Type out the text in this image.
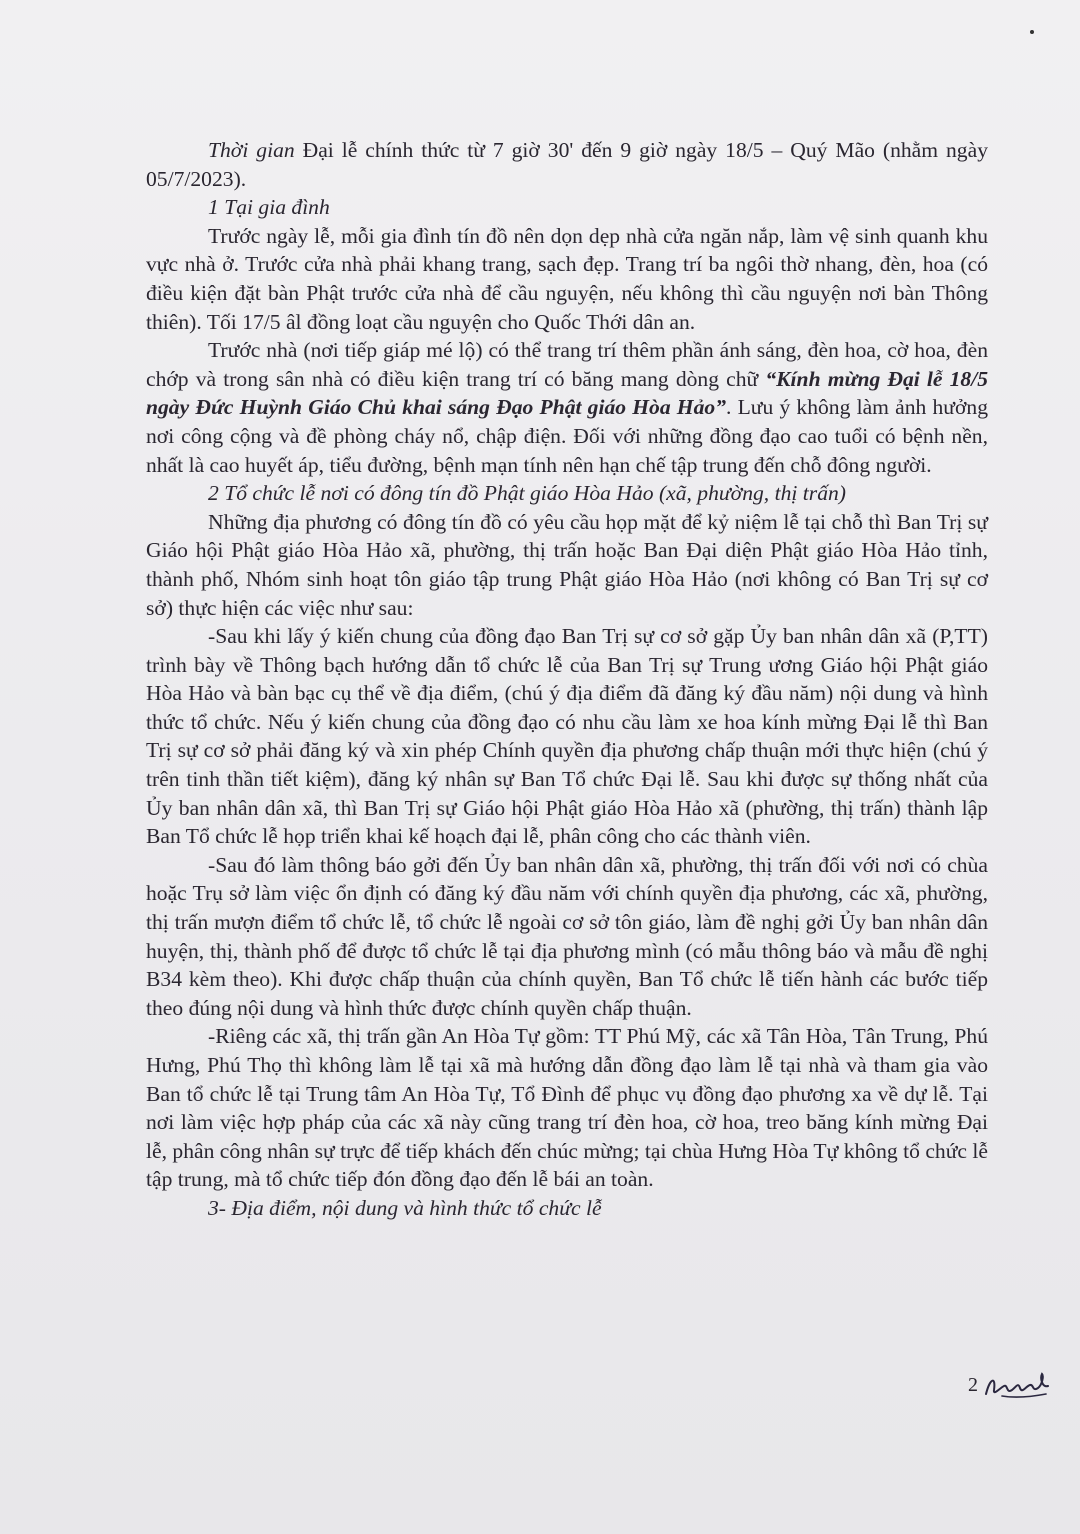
Thời gian Đại lễ chính thức từ 7 giờ 30' đến 9 giờ ngày 18/5 – Quý Mão (nhằm ngày 05/7/2023).

1 Tại gia đình

Trước ngày lễ, mỗi gia đình tín đồ nên dọn dẹp nhà cửa ngăn nắp, làm vệ sinh quanh khu vực nhà ở. Trước cửa nhà phải khang trang, sạch đẹp. Trang trí ba ngôi thờ nhang, đèn, hoa (có điều kiện đặt bàn Phật trước cửa nhà để cầu nguyện, nếu không thì cầu nguyện nơi bàn Thông thiên). Tối 17/5 âl đồng loạt cầu nguyện cho Quốc Thới dân an.

Trước nhà (nơi tiếp giáp mé lộ) có thể trang trí thêm phần ánh sáng, đèn hoa, cờ hoa, đèn chớp và trong sân nhà có điều kiện trang trí có băng mang dòng chữ “Kính mừng Đại lễ 18/5 ngày Đức Huỳnh Giáo Chủ khai sáng Đạo Phật giáo Hòa Hảo”. Lưu ý không làm ảnh hưởng nơi công cộng và đề phòng cháy nổ, chập điện. Đối với những đồng đạo cao tuổi có bệnh nền, nhất là cao huyết áp, tiểu đường, bệnh mạn tính nên hạn chế tập trung đến chỗ đông người.

2 Tổ chức lễ nơi có đông tín đồ Phật giáo Hòa Hảo (xã, phường, thị trấn)

Những địa phương có đông tín đồ có yêu cầu họp mặt để kỷ niệm lễ tại chỗ thì Ban Trị sự Giáo hội Phật giáo Hòa Hảo xã, phường, thị trấn hoặc Ban Đại diện Phật giáo Hòa Hảo tỉnh, thành phố, Nhóm sinh hoạt tôn giáo tập trung Phật giáo Hòa Hảo (nơi không có Ban Trị sự cơ sở) thực hiện các việc như sau:

-Sau khi lấy ý kiến chung của đồng đạo Ban Trị sự cơ sở gặp Ủy ban nhân dân xã (P,TT) trình bày về Thông bạch hướng dẫn tổ chức lễ của Ban Trị sự Trung ương Giáo hội Phật giáo Hòa Hảo và bàn bạc cụ thể về địa điểm, (chú ý địa điểm đã đăng ký đầu năm) nội dung và hình thức tổ chức. Nếu ý kiến chung của đồng đạo có nhu cầu làm xe hoa kính mừng Đại lễ thì Ban Trị sự cơ sở phải đăng ký và xin phép Chính quyền địa phương chấp thuận mới thực hiện (chú ý trên tinh thần tiết kiệm), đăng ký nhân sự Ban Tổ chức Đại lễ. Sau khi được sự thống nhất của Ủy ban nhân dân xã, thì Ban Trị sự Giáo hội Phật giáo Hòa Hảo xã (phường, thị trấn) thành lập Ban Tổ chức lễ họp triển khai kế hoạch đại lễ, phân công cho các thành viên.

-Sau đó làm thông báo gởi đến Ủy ban nhân dân xã, phường, thị trấn đối với nơi có chùa hoặc Trụ sở làm việc ổn định có đăng ký đầu năm với chính quyền địa phương, các xã, phường, thị trấn mượn điểm tổ chức lễ, tổ chức lễ ngoài cơ sở tôn giáo, làm đề nghị gởi Ủy ban nhân dân huyện, thị, thành phố để được tổ chức lễ tại địa phương mình (có mẫu thông báo và mẫu đề nghị B34 kèm theo). Khi được chấp thuận của chính quyền, Ban Tổ chức lễ tiến hành các bước tiếp theo đúng nội dung và hình thức được chính quyền chấp thuận.

-Riêng các xã, thị trấn gần An Hòa Tự gồm: TT Phú Mỹ, các xã Tân Hòa, Tân Trung, Phú Hưng, Phú Thọ thì không làm lễ tại xã mà hướng dẫn đồng đạo làm lễ tại nhà và tham gia vào Ban tổ chức lễ tại Trung tâm An Hòa Tự, Tổ Đình để phục vụ đồng đạo phương xa về dự lễ. Tại nơi làm việc hợp pháp của các xã này cũng trang trí đèn hoa, cờ hoa, treo băng kính mừng Đại lễ, phân công nhân sự trực để tiếp khách đến chúc mừng; tại chùa Hưng Hòa Tự không tổ chức lễ tập trung, mà tổ chức tiếp đón đồng đạo đến lễ bái an toàn.

3- Địa điểm, nội dung và hình thức tổ chức lễ

2
